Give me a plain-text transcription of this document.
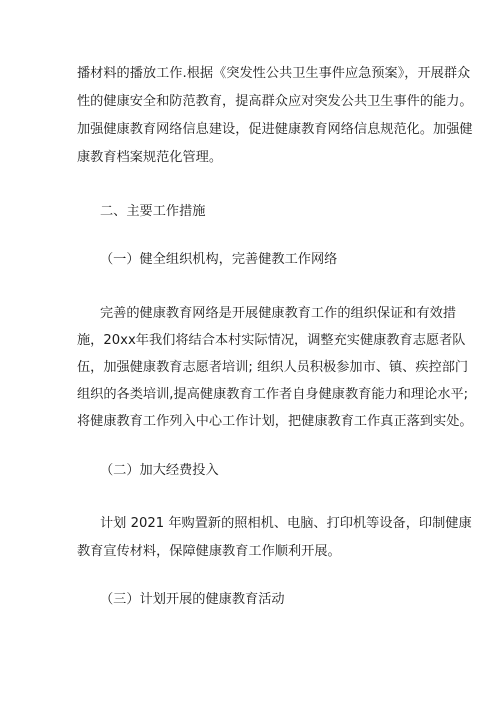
播材料的播放工作.根据《突发性公共卫生事件应急预案》，开展群众
性的健康安全和防范教育，提高群众应对突发公共卫生事件的能力。
加强健康教育网络信息建设，促进健康教育网络信息规范化。加强健
康教育档案规范化管理。
二、主要工作措施
（一）健全组织机构，完善健教工作网络
完善的健康教育网络是开展健康教育工作的组织保证和有效措
施，20xx年我们将结合本村实际情况，调整充实健康教育志愿者队
伍，加强健康教育志愿者培训; 组织人员积极参加市、镇、疾控部门
组织的各类培训,提高健康教育工作者自身健康教育能力和理论水平;
将健康教育工作列入中心工作计划，把健康教育工作真正落到实处。
（二）加大经费投入
计划 2021 年购置新的照相机、电脑、打印机等设备，印制健康
教育宣传材料，保障健康教育工作顺利开展。
（三）计划开展的健康教育活动
